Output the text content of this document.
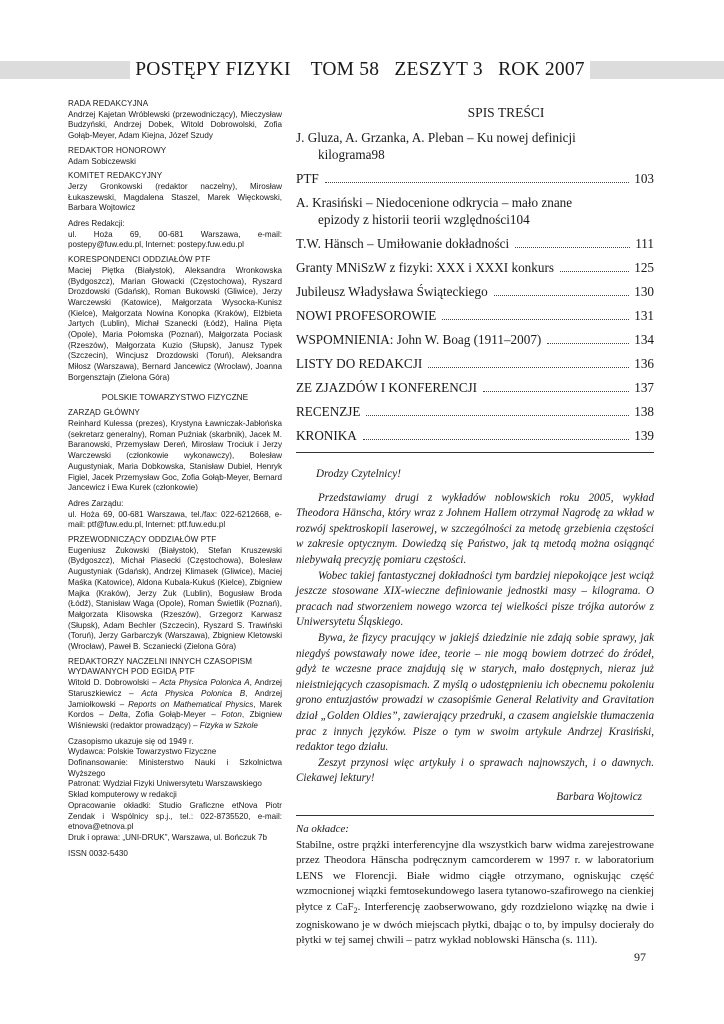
POSTĘPY FIZYKI TOM 58 ZESZYT 3 ROK 2007
RADA REDAKCYJNA

Andrzej Kajetan Wróblewski (przewodniczący), Mieczysław Budzyński, Andrzej Dobek, Witold Dobrowolski, Zofia Gołąb-Meyer, Adam Kiejna, Józef Szudy

REDAKTOR HONOROWY

Adam Sobiczewski

KOMITET REDAKCYJNY

Jerzy Gronkowski (redaktor naczelny), Mirosław Łukaszewski, Magdalena Staszel, Marek Więckowski, Barbara Wojtowicz

Adres Redakcji:

ul. Hoża 69, 00-681 Warszawa, e-mail: postepy@fuw.edu.pl, Internet: postepy.fuw.edu.pl

KORESPONDENCI ODDZIAŁÓW PTF

Maciej Piętka (Białystok), Aleksandra Wronkowska (Bydgoszcz), Marian Głowacki (Częstochowa), Ryszard Drozdowski (Gdańsk), Roman Bukowski (Gliwice), Jerzy Warczewski (Katowice), Małgorzata Wysocka-Kunisz (Kielce), Małgorzata Nowina Konopka (Kraków), Elżbieta Jartych (Lublin), Michał Szanecki (Łódź), Halina Pięta (Opole), Maria Połomska (Poznań), Małgorzata Pociask (Rzeszów), Małgorzata Kuzio (Słupsk), Janusz Typek (Szczecin), Wincjusz Drozdowski (Toruń), Aleksandra Miłosz (Warszawa), Bernard Jancewicz (Wrocław), Joanna Borgensztajn (Zielona Góra)

POLSKIE TOWARZYSTWO FIZYCZNE
ZARZĄD GŁÓWNY

Reinhard Kulessa (prezes), Krystyna Ławniczak-Jabłońska (sekretarz generalny), Roman Puźniak (skarbnik), Jacek M. Baranowski, Przemysław Dereń, Mirosław Trociuk i Jerzy Warczewski (członkowie wykonawczy), Bolesław Augustyniak, Maria Dobkowska, Stanisław Dubiel, Henryk Figiel, Jacek Przemysław Goc, Zofia Gołąb-Meyer, Bernard Jancewicz i Ewa Kurek (członkowie)

Adres Zarządu:

ul. Hoża 69, 00-681 Warszawa, tel./fax: 022-6212668, e-mail: ptf@fuw.edu.pl, Internet: ptf.fuw.edu.pl

PRZEWODNICZĄCY ODDZIAŁÓW PTF

Eugeniusz Żukowski (Białystok), Stefan Kruszewski (Bydgoszcz), Michał Piasecki (Częstochowa), Bolesław Augustyniak (Gdańsk), Andrzej Klimasek (Gliwice), Maciej Maśka (Katowice), Aldona Kubala-Kukuś (Kielce), Zbigniew Majka (Kraków), Jerzy Żuk (Lublin), Bogusław Broda (Łódź), Stanisław Waga (Opole), Roman Świetlik (Poznań), Małgorzata Klisowska (Rzeszów), Grzegorz Karwasz (Słupsk), Adam Bechler (Szczecin), Ryszard S. Trawiński (Toruń), Jerzy Garbarczyk (Warszawa), Zbigniew Kletowski (Wrocław), Paweł B. Sczaniecki (Zielona Góra)

REDAKTORZY NACZELNI INNYCH CZASOPISM WYDAWANYCH POD EGIDĄ PTF

Witold D. Dobrowolski – Acta Physica Polonica A, Andrzej Staruszkiewicz – Acta Physica Polonica B, Andrzej Jamiołkowski – Reports on Mathematical Physics, Marek Kordos – Delta, Zofia Gołąb-Meyer – Foton, Zbigniew Wiśniewski (redaktor prowadzący) – Fizyka w Szkole

Czasopismo ukazuje się od 1949 r.

Wydawca: Polskie Towarzystwo Fizyczne

Dofinansowanie: Ministerstwo Nauki i Szkolnictwa Wyższego

Patronat: Wydział Fizyki Uniwersytetu Warszawskiego

Skład komputerowy w redakcji

Opracowanie okładki: Studio Graficzne etNova Piotr Zendak i Wspólnicy sp.j., tel.: 022-8735520, e-mail: etnova@etnova.pl

Druk i oprawa: „UNI-DRUK”, Warszawa, ul. Bończuk 7b

ISSN 0032-5430
SPIS TREŚCI
J. Gluza, A. Grzanka, A. Pleban – Ku nowej definicji
kilograma 98
PTF	103
A. Krasiński – Niedocenione odkrycia – mało znane
epizody z historii teorii względności 104
T.W. Hänsch – Umiłowanie dokładności	111
Granty MNiSzW z fizyki: XXX i XXXI konkurs	125
Jubileusz Władysława Świąteckiego	130
NOWI PROFESOROWIE	131
WSPOMNIENIA: John W. Boag (1911–2007)	134
LISTY DO REDAKCJI	136
ZE ZJAZDÓW I KONFERENCJI	137
RECENZJE	138
KRONIKA	139

Drodzy Czytelnicy!

Przedstawiamy drugi z wykładów noblowskich roku 2005, wykład Theodora Hänscha, który wraz z Johnem Hallem otrzymał Nagrodę za wkład w rozwój spektroskopii laserowej, w szczególności za metodę grzebienia częstości w zakresie optycznym. Dowiedzą się Państwo, jak tą metodą można osiągnąć niebywałą precyzję pomiaru częstości.

Wobec takiej fantastycznej dokładności tym bardziej niepokojące jest wciąż jeszcze stosowane XIX-wieczne definiowanie jednostki masy – kilograma. O pracach nad stworzeniem nowego wzorca tej wielkości pisze trójka autorów z Uniwersytetu Śląskiego.

Bywa, że fizycy pracujący w jakiejś dziedzinie nie zdają sobie sprawy, jak niegdyś powstawały nowe idee, teorie – nie mogą bowiem dotrzeć do źródeł, gdyż te wczesne prace znajdują się w starych, mało dostępnych, nieraz już nieistniejących czasopismach. Z myślą o udostępnieniu ich obecnemu pokoleniu grono entuzjastów prowadzi w czasopiśmie General Relativity and Gravitation dział „Golden Oldies”, zawierający przedruki, a czasem angielskie tłumaczenia prac z innych języków. Pisze o tym w swoim artykule Andrzej Krasiński, redaktor tego działu.

Zeszyt przynosi więc artykuły i o sprawach najnowszych, i o dawnych. Ciekawej lektury!

Barbara Wojtowicz
Na okładce:
Stabilne, ostre prążki interferencyjne dla wszystkich barw widma zarejestrowane przez Theodora Hänscha podręcznym camcorderem w 1997 r. w laboratorium LENS we Florencji. Białe widmo ciągłe otrzymano, ogniskując część wzmocnionej wiązki femtosekundowego lasera tytanowo-szafirowego na cienkiej płytce z CaF$_2$. Interferencję zaobserwowano, gdy rozdzielono wiązkę na dwie i zogniskowano je w dwóch miejscach płytki, dbając o to, by impulsy docierały do płytki w tej samej chwili – patrz wykład noblowski Hänscha (s. 111).
97
